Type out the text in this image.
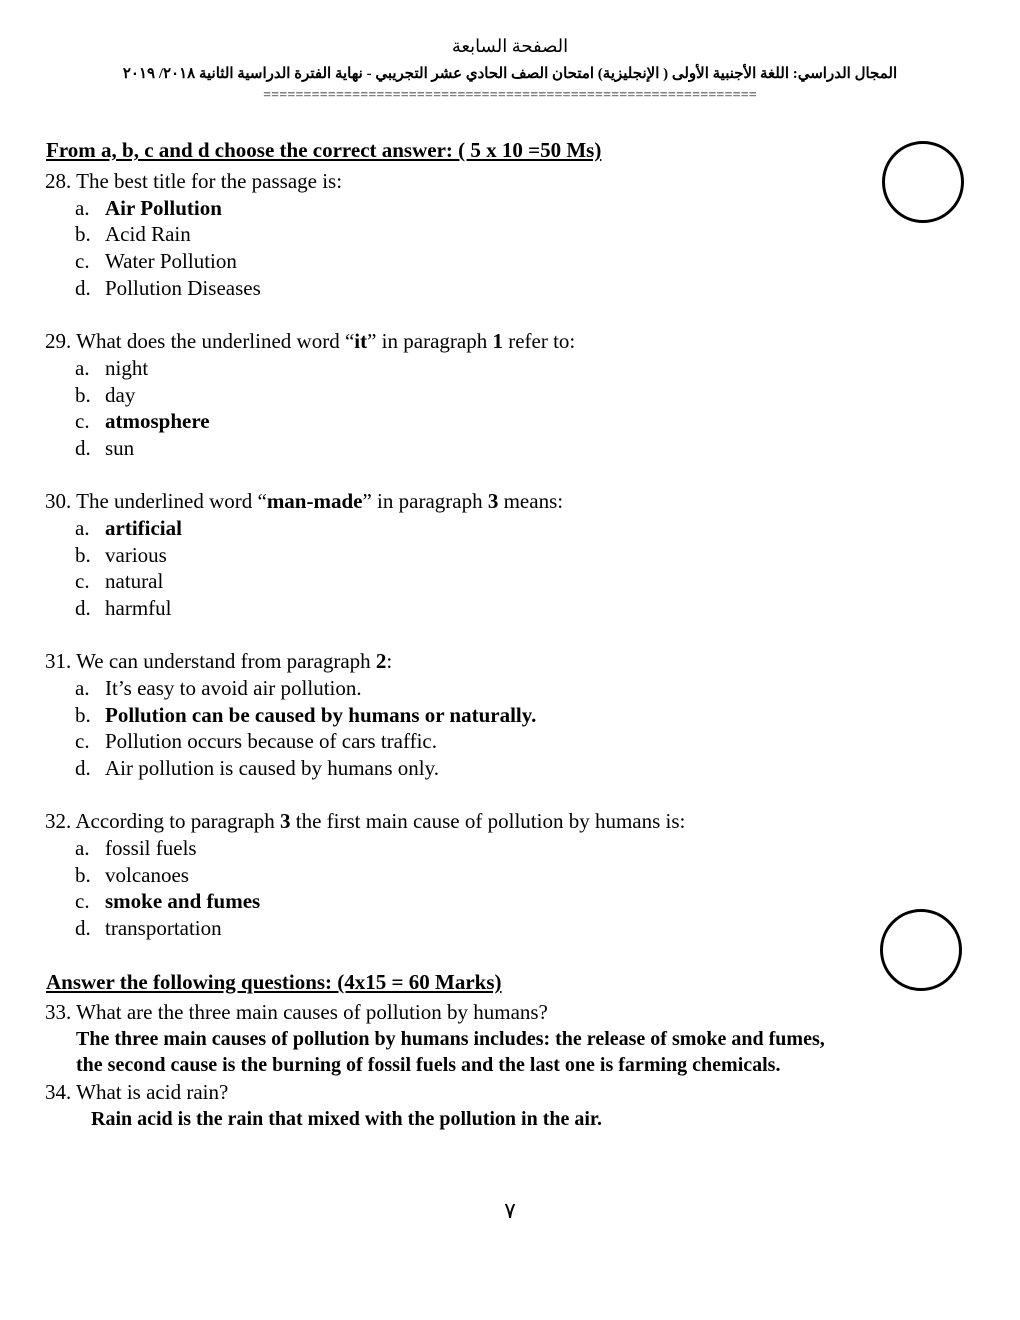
الصفحة السابعة
المجال الدراسي: اللغة الأجنبية الأولى ( الإنجليزية) امتحان الصف الحادي عشر التجريبي - نهاية الفترة الدراسية الثانية ٢٠١٨/ ٢٠١٩
=============================================================
From a, b, c and d choose the correct answer: ( 5 x 10 =50 Ms)
28. The best title for the passage is:
a. Air Pollution
b. Acid Rain
c. Water Pollution
d. Pollution Diseases
29. What does the underlined word “it” in paragraph 1 refer to:
a. night
b. day
c. atmosphere
d. sun
30. The underlined word “man-made” in paragraph 3 means:
a. artificial
b. various
c. natural
d. harmful
31. We can understand from paragraph 2:
a. It’s easy to avoid air pollution.
b. Pollution can be caused by humans or naturally.
c. Pollution occurs because of cars traffic.
d. Air pollution is caused by humans only.
32. According to paragraph 3 the first main cause of pollution by humans is:
a. fossil fuels
b. volcanoes
c. smoke and fumes
d. transportation
Answer the following questions: (4x15 = 60 Marks)
33. What are the three main causes of pollution by humans?
The three main causes of pollution by humans includes: the release of smoke and fumes,
the second cause is the burning of fossil fuels and the last one is farming chemicals.
34. What is acid rain?
Rain acid is the rain that mixed with the pollution in the air.
٧
